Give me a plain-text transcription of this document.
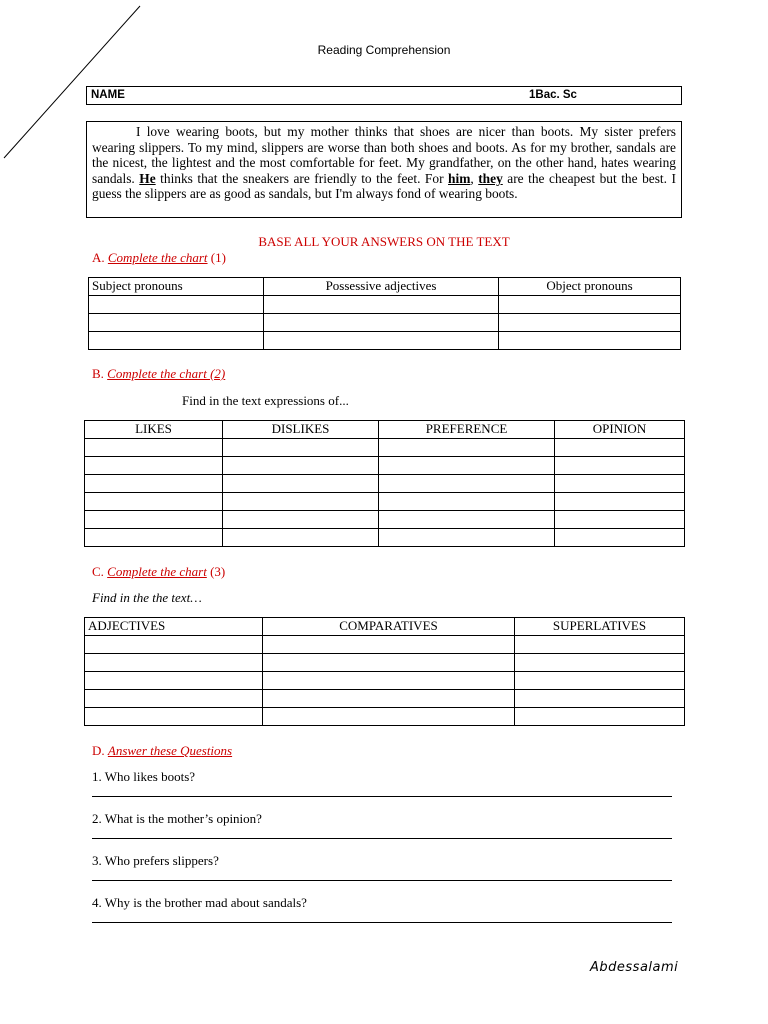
Reading Comprehension
NAME	1Bac. Sc
I love wearing boots, but my mother thinks that shoes are nicer than boots. My sister prefers wearing slippers. To my mind, slippers are worse than both shoes and boots. As for my brother, sandals are the nicest, the lightest and the most comfortable for feet. My grandfather, on the other hand, hates wearing sandals. He thinks that the sneakers are friendly to the feet. For him, they are the cheapest but the best. I guess the slippers are as good as sandals, but I'm always fond of wearing boots.
BASE ALL YOUR ANSWERS ON THE TEXT
A. Complete the chart (1)
Subject pronouns	Possessive adjectives	Object pronouns

B. Complete the chart (2)
Find in the text expressions of...
LIKES	DISLIKES	PREFERENCE	OPINION

C. Complete the chart (3)
Find in the the text…
ADJECTIVES	COMPARATIVES	SUPERLATIVES

D. Answer these Questions
1. Who likes boots?
2. What is the mother’s opinion?
3. Who prefers slippers?
4. Why is the brother mad about sandals?
Abdessalami
